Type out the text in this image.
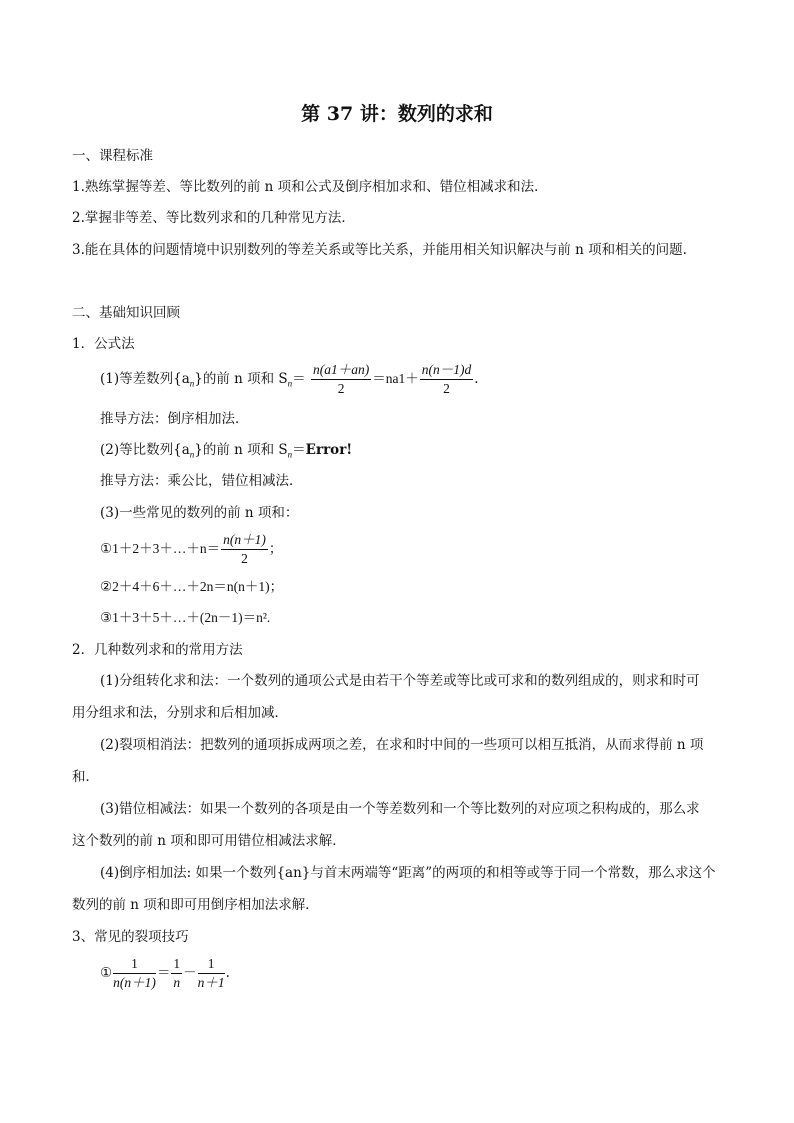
第 37 讲：数列的求和
一、课程标准
1.熟练掌握等差、等比数列的前 n 项和公式及倒序相加求和、错位相减求和法．
2.掌握非等差、等比数列求和的几种常见方法．
3.能在具体的问题情境中识别数列的等差关系或等比关系，并能用相关知识解决与前 n 项和相关的问题.
二、基础知识回顾
1．公式法
(1)等差数列$\{a_n\}$的前 n 项和 $S_n= \frac{n(a1+an)}{2} =na1+ \frac{n(n-1)d}{2}$ .
推导方法：倒序相加法．
(2)等比数列$\{a_n\}$的前 n 项和 $S_n=Error$!
推导方法：乘公比，错位相减法．
(3)一些常见的数列的前 n 项和：
①1＋2＋3＋…＋n＝ $\frac{n(n+1)}{2}$ ；
②2＋4＋6＋…＋2n＝n(n＋1)；
③1＋3＋5＋…＋(2n－1)＝n².
2．几种数列求和的常用方法
(1)分组转化求和法：一个数列的通项公式是由若干个等差或等比或可求和的数列组成的，则求和时可
用分组求和法，分别求和后相加减．
(2)裂项相消法：把数列的通项拆成两项之差，在求和时中间的一些项可以相互抵消，从而求得前 n 项
和．
(3)错位相减法：如果一个数列的各项是由一个等差数列和一个等比数列的对应项之积构成的，那么求
这个数列的前 n 项和即可用错位相减法求解．
(4)倒序相加法: 如果一个数列{an}与首末两端等“距离”的两项的和相等或等于同一个常数，那么求这个
数列的前 n 项和即可用倒序相加法求解．
3、常见的裂项技巧
① $\frac{1}{n(n+1)} = \frac{1}{n} - \frac{1}{n+1}$ .
